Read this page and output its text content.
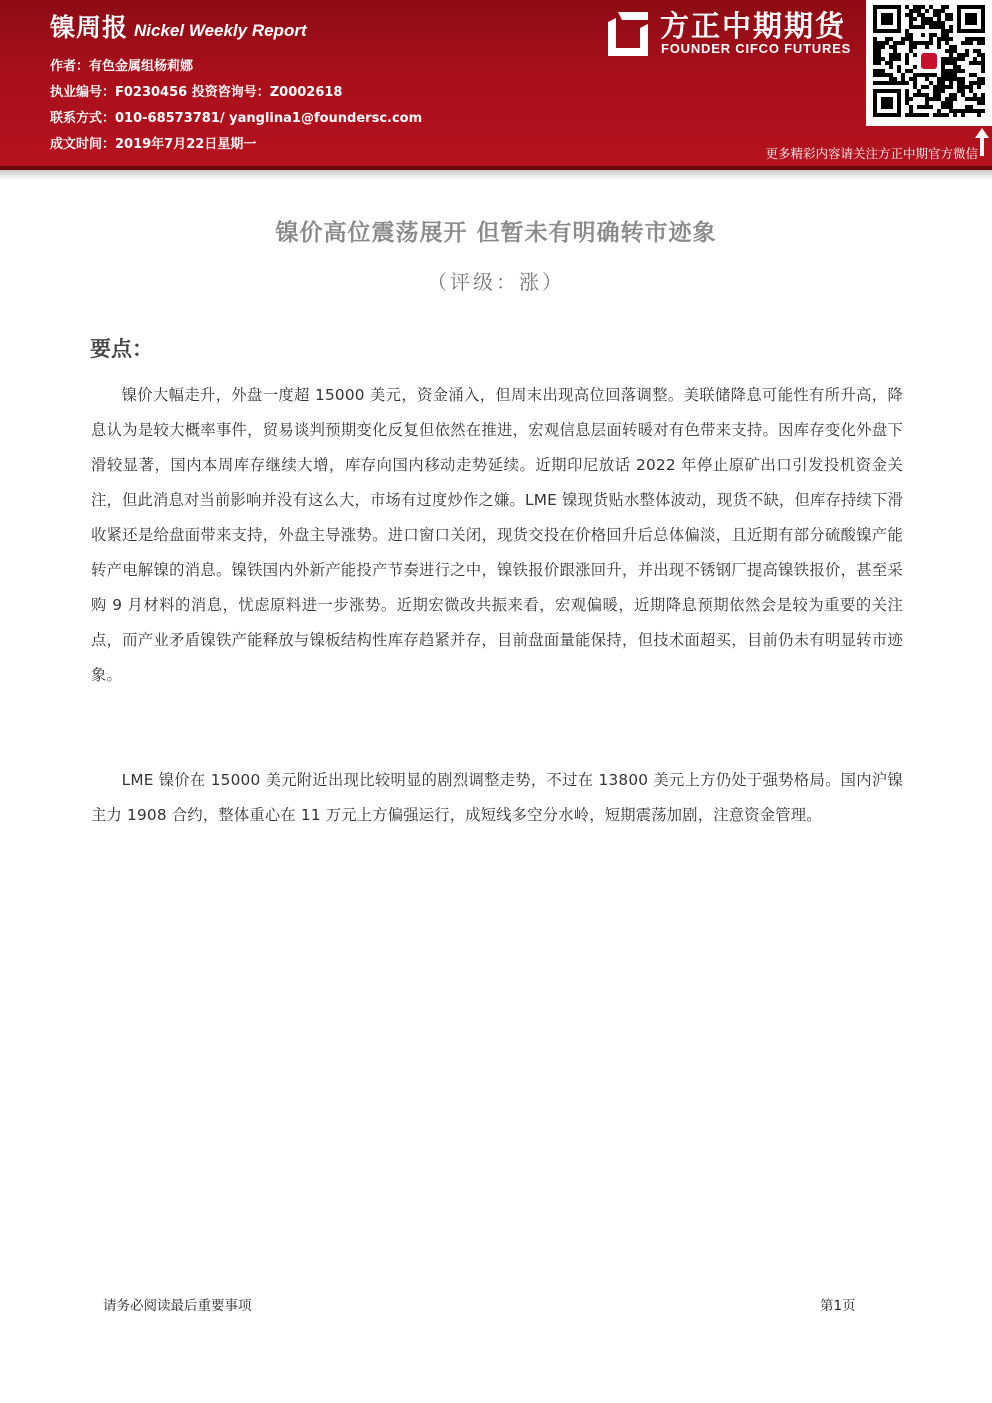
镍周报 Nickel Weekly Report
作者：有色金属组杨莉娜
执业编号：F0230456 投资咨询号：Z0002618
联系方式：010-68573781/ yanglina1@foundersc.com
成文时间：2019年7月22日星期一
方正中期期货
FOUNDER CIFCO FUTURES
更多精彩内容请关注方正中期官方微信
镍价高位震荡展开 但暂未有明确转市迹象
（评级：涨）
要点：

镍价大幅走升，外盘一度超 15000 美元，资金涌入，但周末出现高位回落调整。美联储降息可能性有所升高，降息认为是较大概率事件，贸易谈判预期变化反复但依然在推进，宏观信息层面转暖对有色带来支持。因库存变化外盘下滑较显著，国内本周库存继续大增，库存向国内移动走势延续。近期印尼放话 2022 年停止原矿出口引发投机资金关注，但此消息对当前影响并没有这么大，市场有过度炒作之嫌。LME 镍现货贴水整体波动，现货不缺，但库存持续下滑收紧还是给盘面带来支持，外盘主导涨势。进口窗口关闭，现货交投在价格回升后总体偏淡，且近期有部分硫酸镍产能转产电解镍的消息。镍铁国内外新产能投产节奏进行之中，镍铁报价跟涨回升，并出现不锈钢厂提高镍铁报价，甚至采购 9 月材料的消息，忧虑原料进一步涨势。近期宏微改共振来看，宏观偏暖，近期降息预期依然会是较为重要的关注点，而产业矛盾镍铁产能释放与镍板结构性库存趋紧并存，目前盘面量能保持，但技术面超买，目前仍未有明显转市迹象。

LME 镍价在 15000 美元附近出现比较明显的剧烈调整走势，不过在 13800 美元上方仍处于强势格局。国内沪镍主力 1908 合约，整体重心在 11 万元上方偏强运行，成短线多空分水岭，短期震荡加剧，注意资金管理。

请务必阅读最后重要事项	第1页
